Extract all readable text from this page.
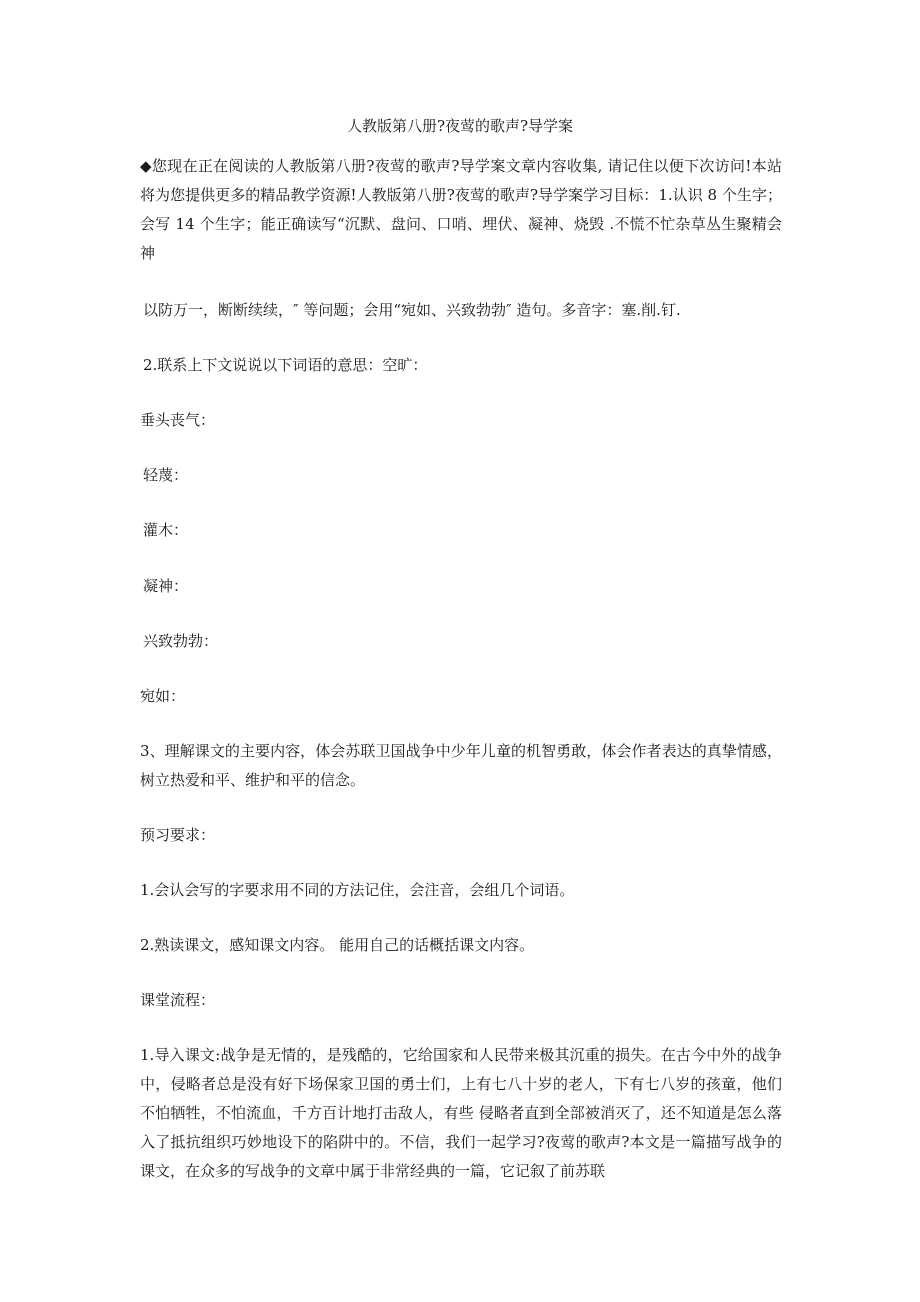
人教版第八册?夜莺的歌声?导学案
◆您现在正在阅读的人教版第八册?夜莺的歌声?导学案文章内容收集, 请记住以便下次访问!本站将为您提供更多的精品教学资源!人教版第八册?夜莺的歌声?导学案学习目标：1.认识 8 个生字；会写 14 个生字；能正确读写“沉默、盘问、口哨、埋伏、凝神、烧毁 .不慌不忙杂草丛生聚精会神
以防万一，断断续续，″ 等问题；会用“宛如、兴致勃勃″ 造句。多音字：塞.削.钉.
2.联系上下文说说以下词语的意思：空旷：
垂头丧气：
轻蔑：
灌木：
凝神：
兴致勃勃：
宛如：
3、理解课文的主要内容，体会苏联卫国战争中少年儿童的机智勇敢，体会作者表达的真挚情感，树立热爱和平、维护和平的信念。
预习要求：
1.会认会写的字要求用不同的方法记住，会注音，会组几个词语。
2.熟读课文，感知课文内容。 能用自己的话概括课文内容。
课堂流程：
1.导入课文:战争是无情的，是残酷的，它给国家和人民带来极其沉重的损失。在古今中外的战争中，侵略者总是没有好下场保家卫国的勇士们，上有七八十岁的老人，下有七八岁的孩童，他们不怕牺牲，不怕流血，千方百计地打击敌人，有些 侵略者直到全部被消灭了，还不知道是怎么落入了抵抗组织巧妙地设下的陷阱中的。不信，我们一起学习?夜莺的歌声?本文是一篇描写战争的课文，在众多的写战争的文章中属于非常经典的一篇，它记叙了前苏联
